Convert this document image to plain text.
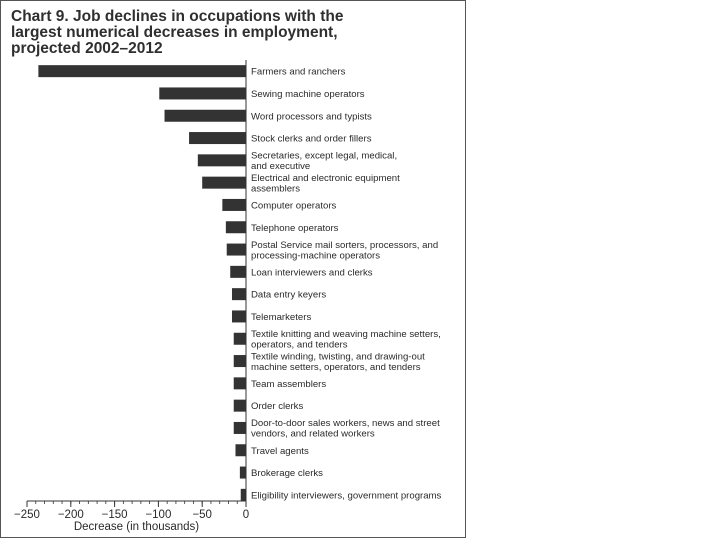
Chart 9. Job declines in occupations with the
largest numerical decreases in employment,
projected 2002–2012
Farmers and ranchers
Sewing machine operators
Word processors and typists
Stock clerks and order fillers
Secretaries, except legal, medical,
and executive
Electrical and electronic equipment
assemblers
Computer operators
Telephone operators
Postal Service mail sorters, processors, and
processing-machine operators
Loan interviewers and clerks
Data entry keyers
Telemarketers
Textile knitting and weaving machine setters,
operators, and tenders
Textile winding, twisting, and drawing-out
machine setters, operators, and tenders
Team assemblers
Order clerks
Door-to-door sales workers, news and street
vendors, and related workers
Travel agents
Brokerage clerks
Eligibility interviewers, government programs
−250 −200 −150 −100 −50	0
Decrease (in thousands)
